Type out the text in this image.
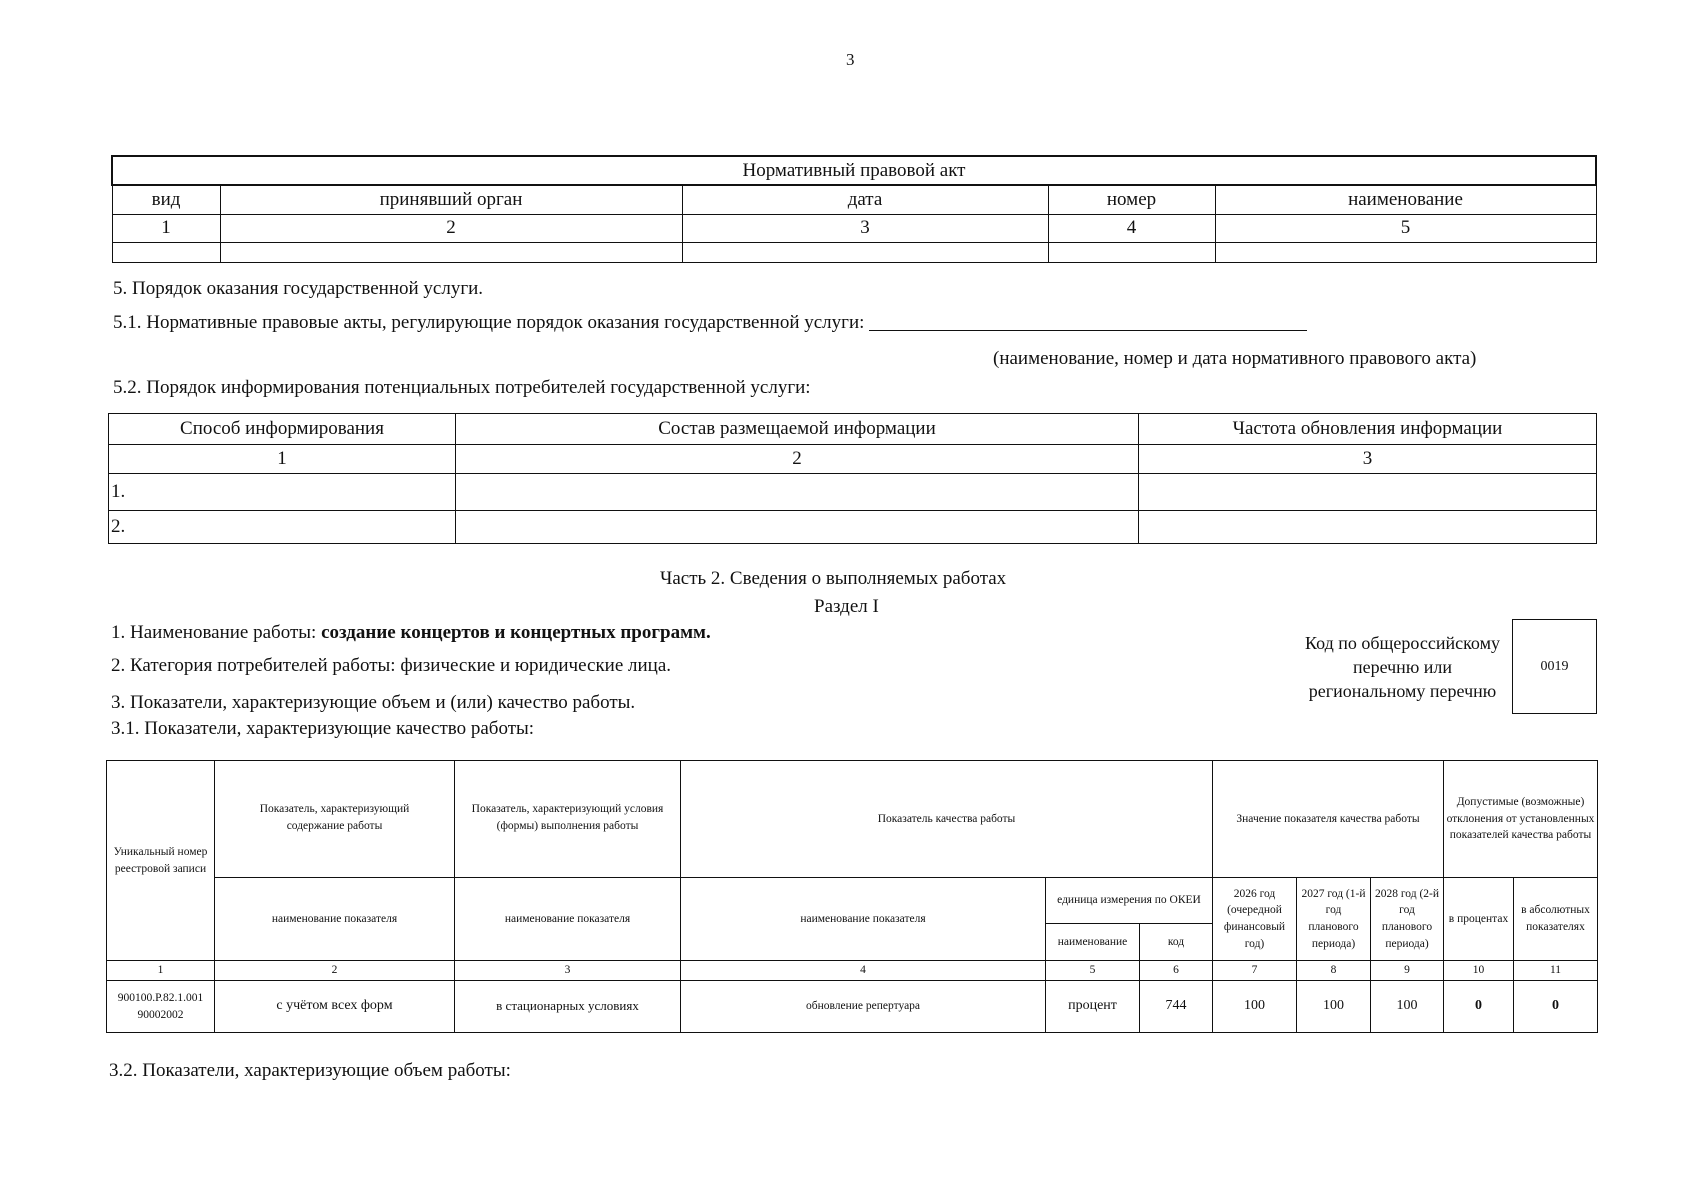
3
Нормативный правовой акт				
вид	принявший орган	дата	номер	наименование
1	2	3	4	5

5. Порядок оказания государственной услуги.
5.1. Нормативные правовые акты, регулирующие порядок оказания государственной услуги:
(наименование, номер и дата нормативного правового акта)
5.2. Порядок информирования потенциальных потребителей государственной услуги:
Способ информирования	Состав размещаемой информации	Частота обновления информации
1	2	3
1.		
2.		
Часть 2. Сведения о выполняемых работах
Раздел I
1. Наименование работы: создание концертов и концертных программ.
2. Категория потребителей работы: физические и юридические лица.
3. Показатели, характеризующие объем и (или) качество работы.
3.1. Показатели, характеризующие качество работы:
Код по общероссийскому
перечню или
региональному перечню
0019
Уникальный номер реестровой записи	Показатель, характеризующий содержание работы	Показатель, характеризующий условия (формы) выполнения работы	Показатель качества работы			Значение показателя качества работы			Допустимые (возможные) отклонения от установленных показателей качества работы	
	наименование показателя	наименование показателя	наименование показателя	единица измерения по ОКЕИ		2026 год (очередной финансовый год)	2027 год (1-й год планового периода)	2028 год (2-й год планового периода)	в процентах	в абсолютных показателях
				наименование	код					
1	2	3	4	5	6	7	8	9	10	11
900100.Р.82.1.001 90002002	с учётом всех форм	в стационарных условиях	обновление репертуара	процент	744	100	100	100	0	0
3.2. Показатели, характеризующие объем работы:
